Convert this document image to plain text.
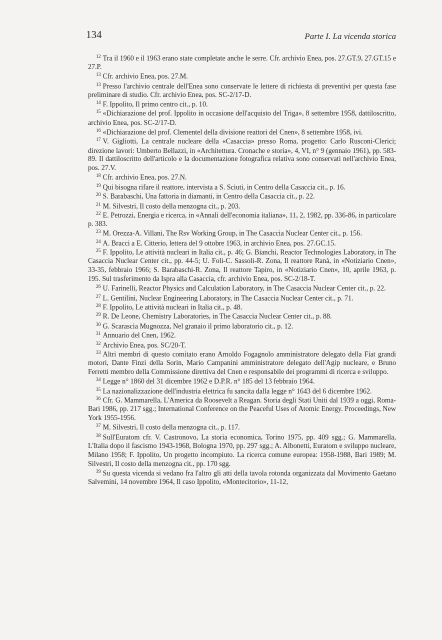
134	Parte I. La vicenda storica

$^{12}$ Tra il 1960 e il 1963 erano state completate anche le serre. Cfr. archivio Enea, pos. 27.GT.9, 27.GT.15 e 27.P.

$^{13}$ Cfr. archivio Enea, pos. 27.M.

$^{13}$ Presso l'archivio centrale dell'Enea sono conservate le lettere di richiesta di preventivi per questa fase preliminare di studio. Cfr. archivio Enea, pos. SC-2/17-D.

$^{14}$ F. Ippolito, Il primo centro cit., p. 10.

$^{15}$ «Dichiarazione del prof. Ippolito in occasione dell'acquisto del Triga», 8 settembre 1958, dattiloscritto, archivio Enea, pos. SC-2/17-D.

$^{16}$ «Dichiarazione del prof. Clementel della divisione reattori del Cnen», 8 settembre 1958, ivi.

$^{17}$ V. Gigliotti, La centrale nucleare della «Casaccia» presso Roma, progetto: Carlo Rusconi-Clerici; direzione lavori: Umberto Bellazzi, in «Architettura. Cronache e storia», 4, VI, n° 9 (gennaio 1961), pp. 583-89. Il dattiloscritto dell'articolo e la documentazione fotografica relativa sono conservati nell'archivio Enea, pos. 27.V.

$^{18}$ Cfr. archivio Enea, pos. 27.N.

$^{19}$ Qui bisogna rifare il reattore, intervista a S. Sciuti, in Centro della Casaccia cit., p. 16.

$^{20}$ S. Barabaschi, Una fattoria in diamanti, in Centro della Casaccia cit., p. 22.

$^{21}$ M. Silvestri, Il costo della menzogna cit., p. 203.

$^{22}$ E. Petrozzi, Energia e ricerca, in «Annali dell'economia italiana», 11, 2, 1982, pp. 336-86, in particolare p. 383.

$^{23}$ M. Orezza-A. Villani, The Rsv Working Group, in The Casaccia Nuclear Center cit., p. 156.

$^{24}$ A. Bracci a E. Citterio, lettera del 9 ottobre 1963, in archivio Enea, pos. 27.GC.15.

$^{25}$ F. Ippolito, Le attività nucleari in Italia cit., p. 46; G. Bianchi, Reactor Technologies Laboratory, in The Casaccia Nuclear Center cit., pp. 44-5; U. Foli-C. Sassoli-R. Zona, Il reattore Ranà, in «Notiziario Cnen», 33-35, febbraio 1966; S. Barabaschi-R. Zona, Il reattore Tapiro, in «Notiziario Cnen», 10, aprile 1963, p. 195. Sul trasferimento da Ispra alla Casaccia, cfr. archivio Enea, pos. SC-2/18-T.

$^{26}$ U. Farinelli, Reactor Physics and Calculation Laboratory, in The Casaccia Nuclear Center cit., p. 22.

$^{27}$ L. Gentilini, Nuclear Engineering Laboratory, in The Casaccia Nuclear Center cit., p. 71.

$^{28}$ F. Ippolito, Le attività nucleari in Italia cit., p. 48.

$^{29}$ R. De Leone, Chemistry Laboratories, in The Casaccia Nuclear Center cit., p. 88.

$^{30}$ G. Scarascia Mugnozza, Nel granaio il primo laboratorio cit., p. 12.

$^{31}$ Annuario del Cnen, 1962.

$^{32}$ Archivio Enea, pos. SC/20-T.

$^{33}$ Altri membri di questo comitato erano Arnoldo Fogagnolo amministratore delegato della Fiat grandi motori, Dante Finzi della Sorin, Mario Campanini amministratore delegato dell'Agip nucleare, e Bruno Ferretti membro della Commissione direttiva del Cnen e responsabile dei programmi di ricerca e sviluppo.

$^{34}$ Legge n° 1860 del 31 dicembre 1962 e D.P.R. n° 185 del 13 febbraio 1964.

$^{35}$ La nazionalizzazione dell'industria elettrica fu sancita dalla legge n° 1643 del 6 dicembre 1962.

$^{36}$ Cfr. G. Mammarella, L'America da Roosevelt a Reagan. Storia degli Stati Uniti dal 1939 a oggi, Roma-Bari 1986, pp. 217 sgg.; International Conference on the Peaceful Uses of Atomic Energy. Proceedings, New York 1955-1956.

$^{37}$ M. Silvestri, Il costo della menzogna cit., p. 117.

$^{38}$ Sull'Euratom cfr. V. Castronovo, La storia economica, Torino 1975, pp. 409 sgg.; G. Mammarella, L'Italia dopo il fascismo 1943-1968, Bologna 1970, pp. 297 sgg.; A. Albonetti, Euratom e sviluppo nucleare, Milano 1958; F. Ippolito, Un progetto incompiuto. La ricerca comune europea: 1958-1988, Bari 1989; M. Silvestri, Il costo della menzogna cit., pp. 170 sgg.

$^{39}$ Su questa vicenda si vedano fra l'altro gli atti della tavola rotonda organizzata dal Movimento Gaetano Salvemini, 14 novembre 1964, Il caso Ippolito, «Montecitorio», 11-12,
